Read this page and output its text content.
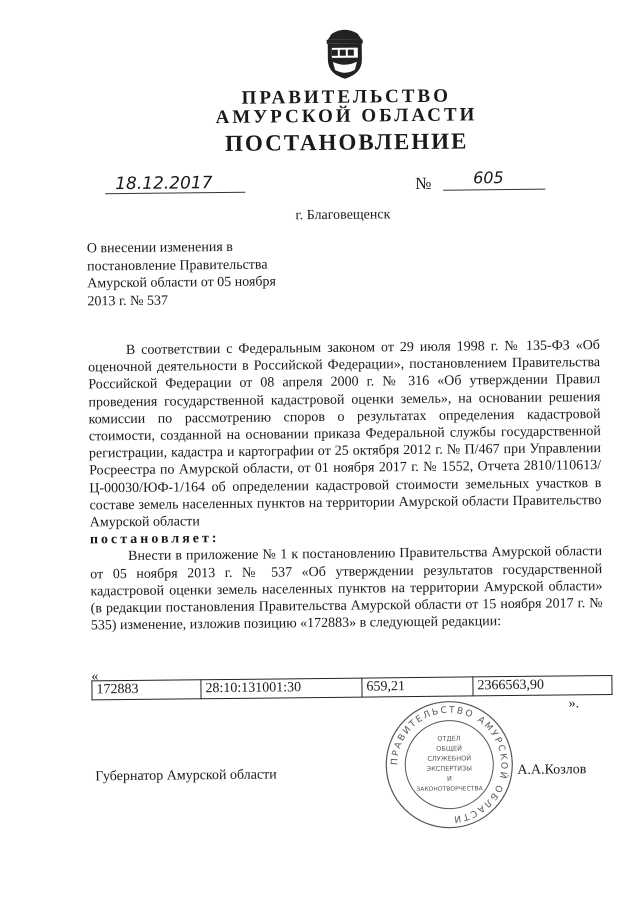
ПРАВИТЕЛЬСТВО
АМУРСКОЙ ОБЛАСТИ
ПОСТАНОВЛЕНИЕ
18.12.2017	№	605
г. Благовещенск
О внесении изменения в
постановление Правительства
Амурской области от 05 ноября
2013 г. № 537

В соответствии с Федеральным законом от 29 июля 1998 г. № 135-ФЗ «Об оценочной деятельности в Российской Федерации», постановлением Правительства Российской Федерации от 08 апреля 2000 г. № 316 «Об утверждении Правил проведения государственной кадастровой оценки земель», на основании решения комиссии по рассмотрению споров о результатах определения кадастровой стоимости, созданной на основании приказа Федеральной службы государственной регистрации, кадастра и картографии от 25 октября 2012 г. № П/467 при Управлении Росреестра по Амурской области, от 01 ноября 2017 г. № 1552, Отчета 2810/110613/Ц-00030/ЮФ-1/164 об определении кадастровой стоимости земельных участков в составе земель населенных пунктов на территории Амурской области Правительство Амурской области

постановляет:

Внести в приложение № 1 к постановлению Правительства Амурской области от 05 ноября 2013 г. № 537 «Об утверждении результатов государственной кадастровой оценки земель населенных пунктов на территории Амурской области» (в редакции постановления Правительства Амурской области от 15 ноября 2017 г. № 535) изменение, изложив позицию «172883» в следующей редакции:

«
172883	28:10:131001:30	659,21	2366563,90
».
Губернатор Амурской области	А.А.Козлов
ПРАВИТЕЛЬСТВО АМУРСКОЙ ОБЛАСТИ
ОТДЕЛ
ОБЩЕЙ
СЛУЖЕБНОЙ
ЭКСПЕРТИЗЫ
И
ЗАКОНОТВОРЧЕСТВА
